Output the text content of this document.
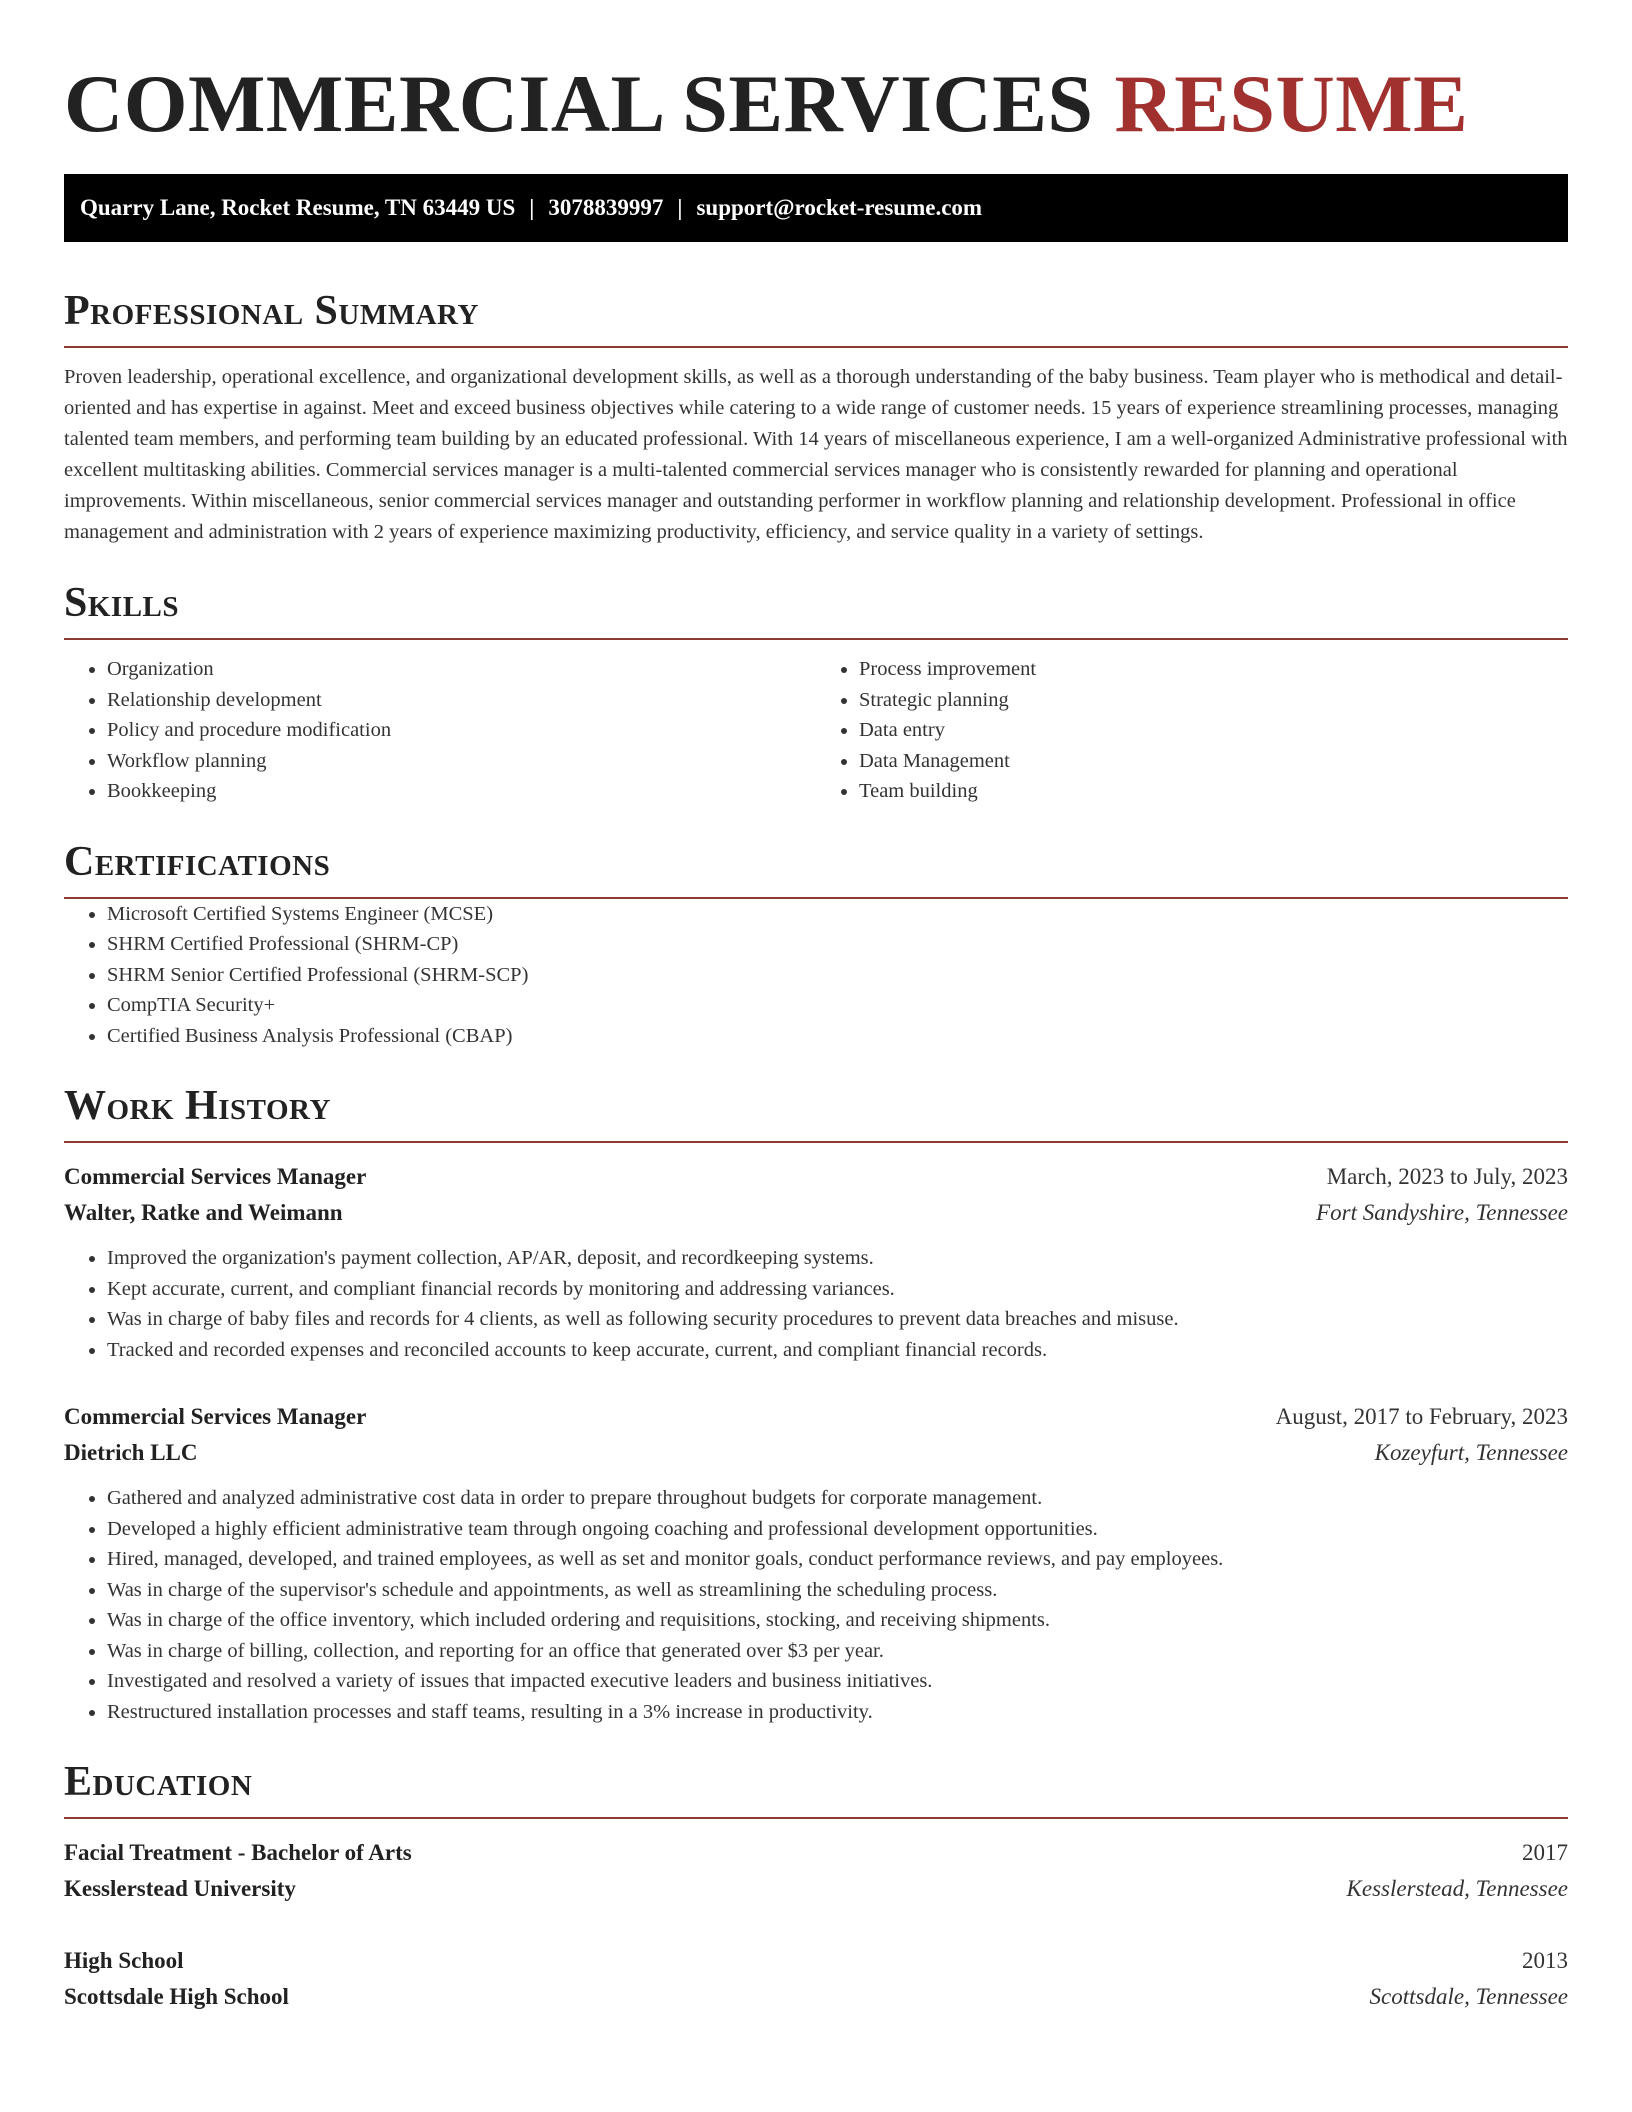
COMMERCIAL SERVICES RESUME
Quarry Lane, Rocket Resume, TN 63449 US | 3078839997 | support@rocket-resume.com
Professional Summary

Proven leadership, operational excellence, and organizational development skills, as well as a thorough understanding of the baby business. Team player who is methodical and detail-oriented and has expertise in against. Meet and exceed business objectives while catering to a wide range of customer needs. 15 years of experience streamlining processes, managing talented team members, and performing team building by an educated professional. With 14 years of miscellaneous experience, I am a well-organized Administrative professional with excellent multitasking abilities. Commercial services manager is a multi-talented commercial services manager who is consistently rewarded for planning and operational improvements. Within miscellaneous, senior commercial services manager and outstanding performer in workflow planning and relationship development. Professional in office management and administration with 2 years of experience maximizing productivity, efficiency, and service quality in a variety of settings.

Skills
• Organization
• Relationship development
• Policy and procedure modification
• Workflow planning
• Bookkeeping
• Process improvement
• Strategic planning
• Data entry
• Data Management
• Team building
Certifications
• Microsoft Certified Systems Engineer (MCSE)
• SHRM Certified Professional (SHRM-CP)
• SHRM Senior Certified Professional (SHRM-SCP)
• CompTIA Security+
• Certified Business Analysis Professional (CBAP)
Work History
Commercial Services Manager	March, 2023 to July, 2023
Walter, Ratke and Weimann	Fort Sandyshire, Tennessee
• Improved the organization's payment collection, AP/AR, deposit, and recordkeeping systems.
• Kept accurate, current, and compliant financial records by monitoring and addressing variances.
• Was in charge of baby files and records for 4 clients, as well as following security procedures to prevent data breaches and misuse.
• Tracked and recorded expenses and reconciled accounts to keep accurate, current, and compliant financial records.
Commercial Services Manager	August, 2017 to February, 2023
Dietrich LLC	Kozeyfurt, Tennessee
• Gathered and analyzed administrative cost data in order to prepare throughout budgets for corporate management.
• Developed a highly efficient administrative team through ongoing coaching and professional development opportunities.
• Hired, managed, developed, and trained employees, as well as set and monitor goals, conduct performance reviews, and pay employees.
• Was in charge of the supervisor's schedule and appointments, as well as streamlining the scheduling process.
• Was in charge of the office inventory, which included ordering and requisitions, stocking, and receiving shipments.
• Was in charge of billing, collection, and reporting for an office that generated over $3 per year.
• Investigated and resolved a variety of issues that impacted executive leaders and business initiatives.
• Restructured installation processes and staff teams, resulting in a 3% increase in productivity.
Education
Facial Treatment - Bachelor of Arts	2017
Kesslerstead University	Kesslerstead, Tennessee
High School	2013
Scottsdale High School	Scottsdale, Tennessee
